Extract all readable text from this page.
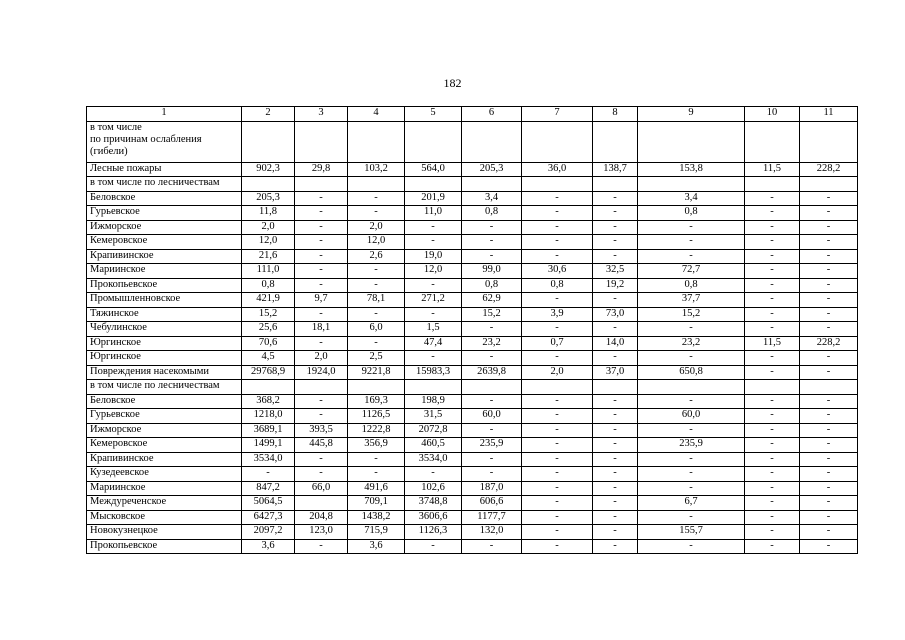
182
1	2	3	4	5	6	7	8	9	10	11
в том числе
по причинам ослабления
(гибели)										
Лесные пожары	902,3	29,8	103,2	564,0	205,3	36,0	138,7	153,8	11,5	228,2
в том числе по лесничествам										
Беловское	205,3	-	-	201,9	3,4	-	-	3,4	-	-
Гурьевское	11,8	-	-	11,0	0,8	-	-	0,8	-	-
Ижморское	2,0	-	2,0	-	-	-	-	-	-	-
Кемеровское	12,0	-	12,0	-	-	-	-	-	-	-
Крапивинское	21,6	-	2,6	19,0	-	-	-	-	-	-
Мариинское	111,0	-	-	12,0	99,0	30,6	32,5	72,7	-	-
Прокопьевское	0,8	-	-	-	0,8	0,8	19,2	0,8	-	-
Промышленновское	421,9	9,7	78,1	271,2	62,9	-	-	37,7	-	-
Тяжинское	15,2	-	-	-	15,2	3,9	73,0	15,2	-	-
Чебулинское	25,6	18,1	6,0	1,5	-	-	-	-	-	-
Юргинское	70,6	-	-	47,4	23,2	0,7	14,0	23,2	11,5	228,2
Юргинское	4,5	2,0	2,5	-	-	-	-	-	-	-
Повреждения насекомыми	29768,9	1924,0	9221,8	15983,3	2639,8	2,0	37,0	650,8	-	-
в том числе по лесничествам										
Беловское	368,2	-	169,3	198,9	-	-	-	-	-	-
Гурьевское	1218,0	-	1126,5	31,5	60,0	-	-	60,0	-	-
Ижморское	3689,1	393,5	1222,8	2072,8	-	-	-	-	-	-
Кемеровское	1499,1	445,8	356,9	460,5	235,9	-	-	235,9	-	-
Крапивинское	3534,0	-	-	3534,0	-	-	-	-	-	-
Кузедеевское	-	-	-	-	-	-	-	-	-	-
Мариинское	847,2	66,0	491,6	102,6	187,0	-	-	-	-	-
Междуреченское	5064,5		709,1	3748,8	606,6	-	-	6,7	-	-
Мысковское	6427,3	204,8	1438,2	3606,6	1177,7	-	-	-	-	-
Новокузнецкое	2097,2	123,0	715,9	1126,3	132,0	-	-	155,7	-	-
Прокопьевское	3,6	-	3,6	-	-	-	-	-	-	-
